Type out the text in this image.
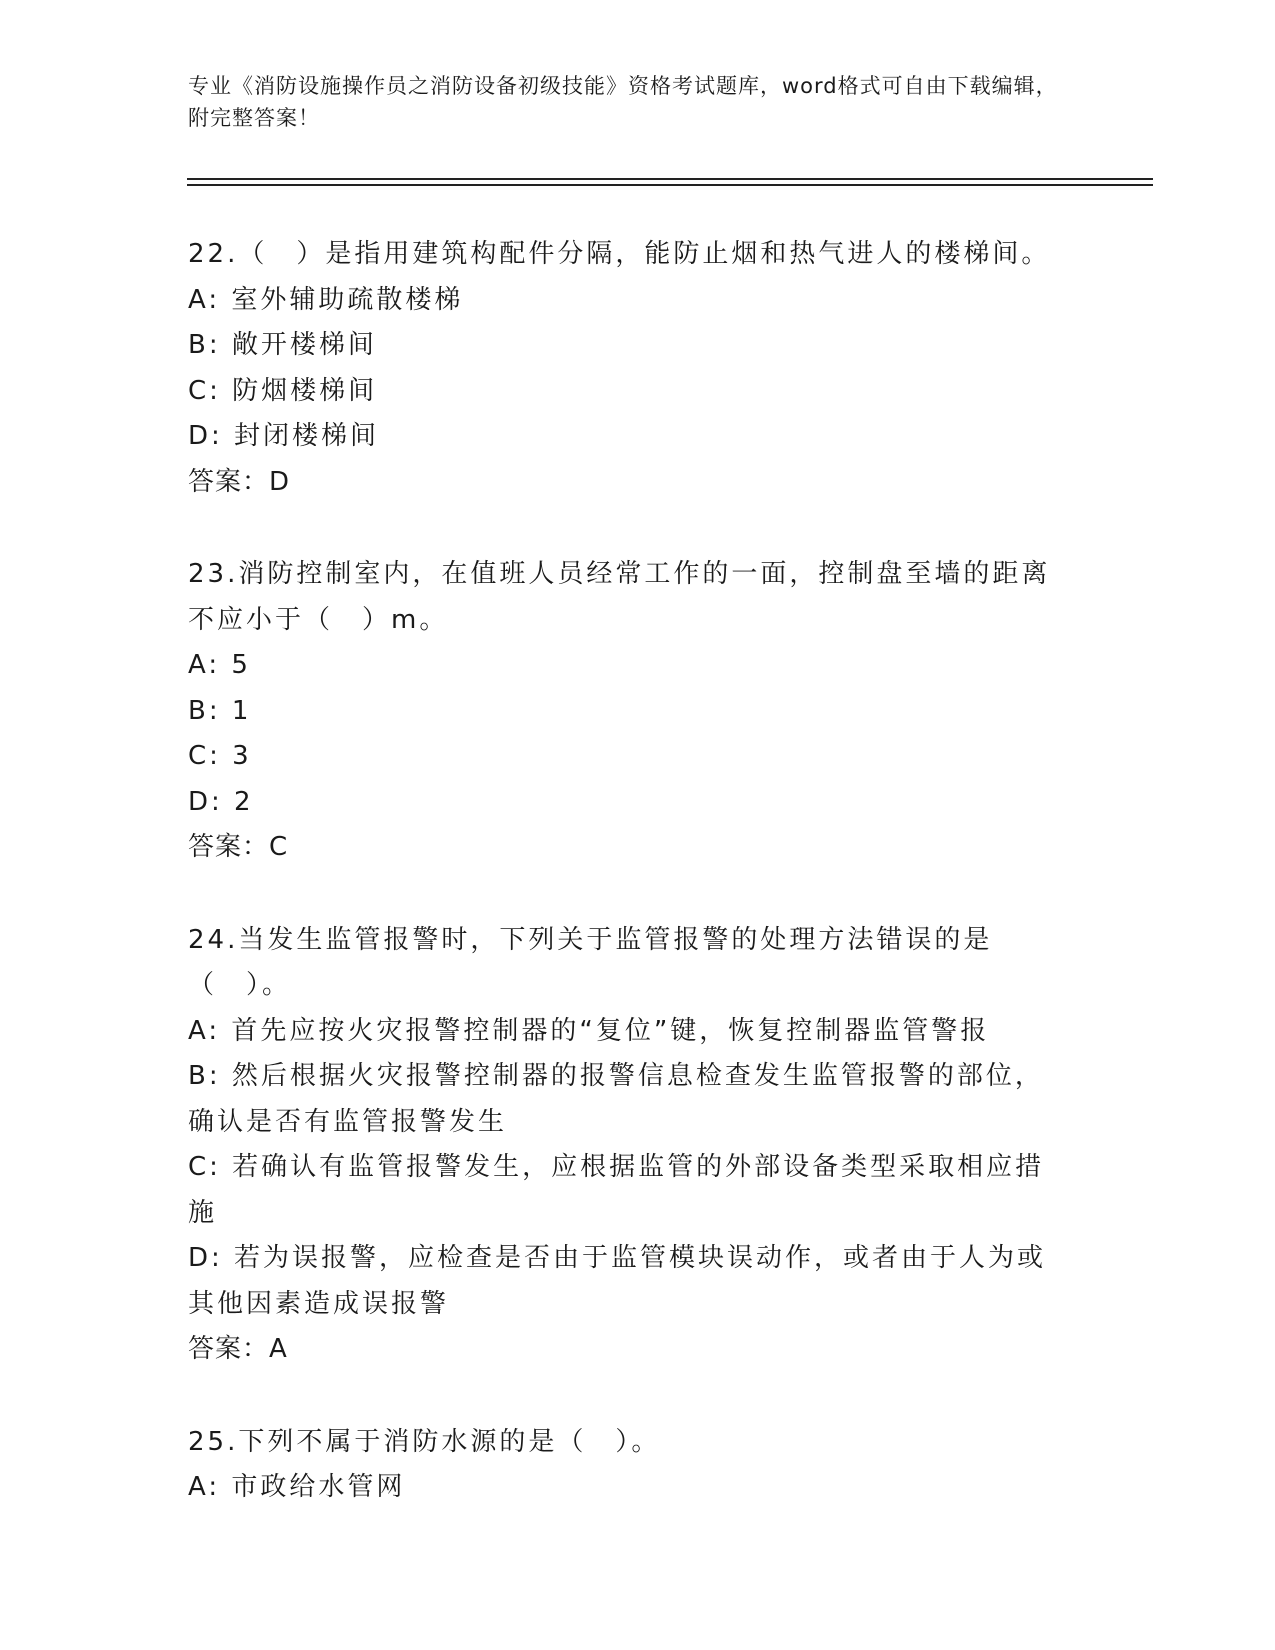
专业《消防设施操作员之消防设备初级技能》资格考试题库，word格式可自由下载编辑，附完整答案！

22.（　）是指用建筑构配件分隔，能防止烟和热气进人的楼梯间。

A: 室外辅助疏散楼梯

B: 敞开楼梯间

C: 防烟楼梯间

D: 封闭楼梯间

答案：D

23.消防控制室内，在值班人员经常工作的一面，控制盘至墙的距离不应小于（　）m。

A: 5

B: 1

C: 3

D: 2

答案：C

24.当发生监管报警时，下列关于监管报警的处理方法错误的是（　）。

A: 首先应按火灾报警控制器的“复位”键，恢复控制器监管警报

B: 然后根据火灾报警控制器的报警信息检查发生监管报警的部位，确认是否有监管报警发生

C: 若确认有监管报警发生，应根据监管的外部设备类型采取相应措施

D: 若为误报警，应检查是否由于监管模块误动作，或者由于人为或其他因素造成误报警

答案：A

25.下列不属于消防水源的是（　）。

A: 市政给水管网
